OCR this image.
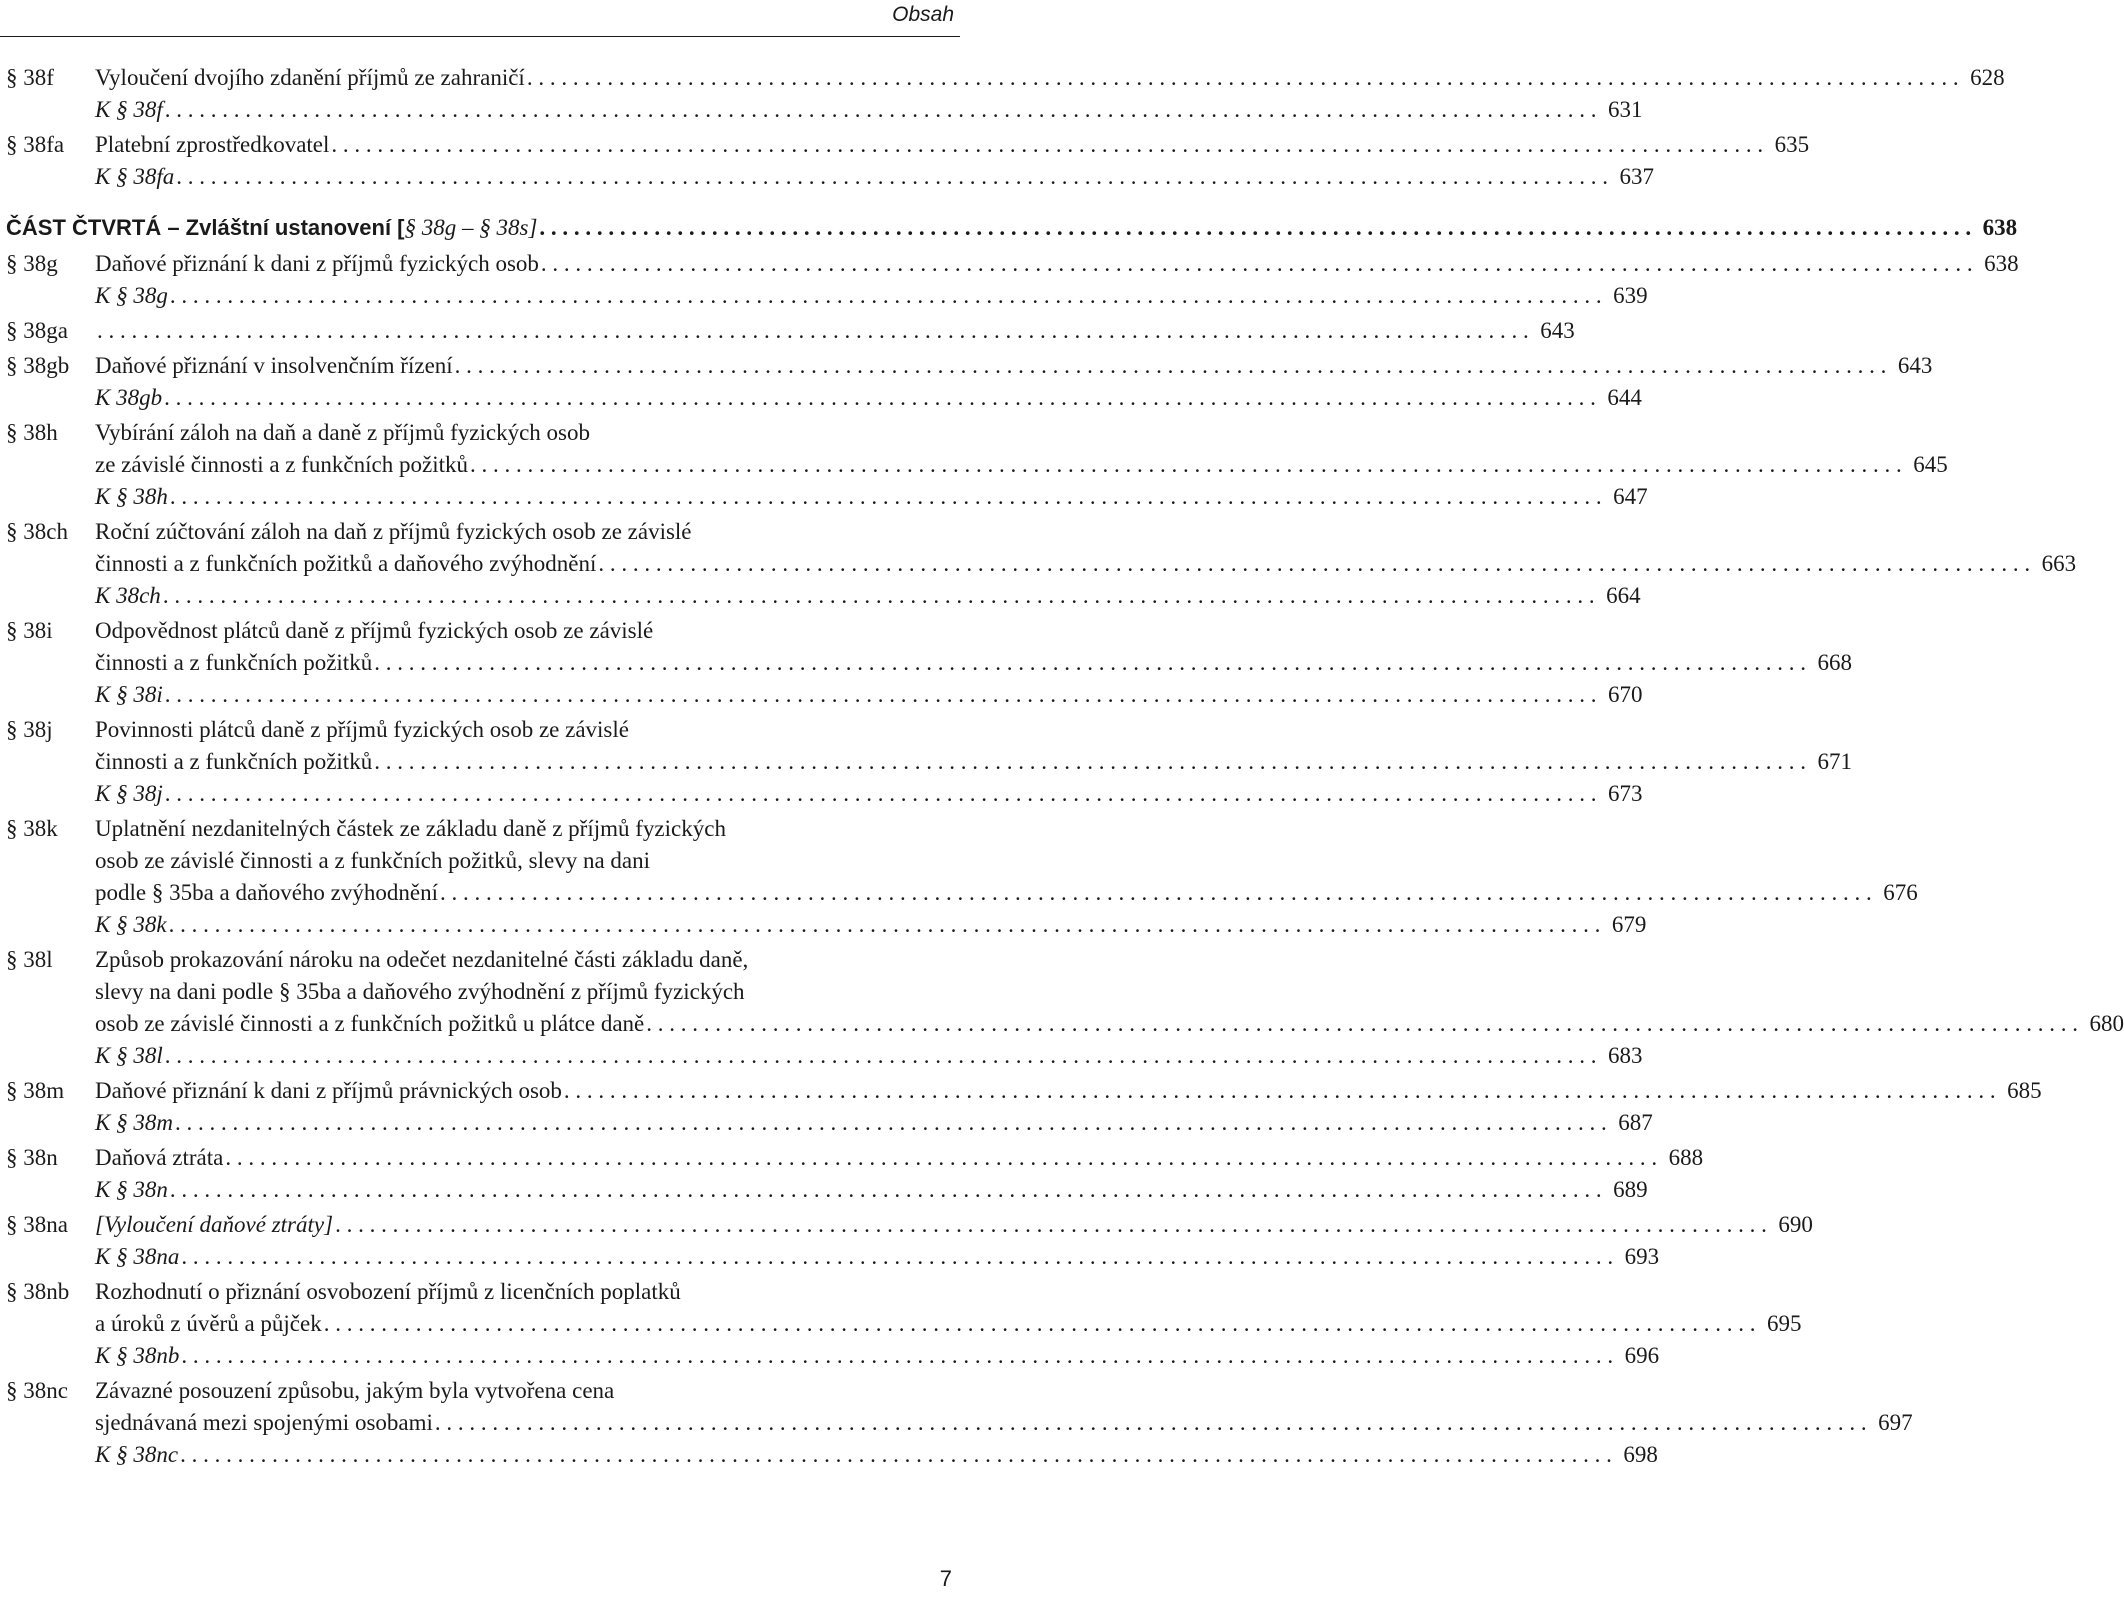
Obsah
§ 38f	Vyloučení dvojího zdanění příjmů ze zahraničí . . .	628
K § 38f . . .	631
§ 38fa	Platební zprostředkovatel . . .	635
K § 38fa . . .	637
ČÁST ČTVRTÁ – Zvláštní ustanovení [§ 38g – § 38s] . . .	638
§ 38g	Daňové přiznání k dani z příjmů fyzických osob . . .	638
K § 38g . . .	639
§ 38ga . . .	643
§ 38gb	Daňové přiznání v insolvenčním řízení . . .	643
K 38gb . . .	644
§ 38h	Vybírání záloh na daň a daně z příjmů fyzických osob
ze závislé činnosti a z funkčních požitků . . .	645
K § 38h . . .	647
§ 38ch	Roční zúčtování záloh na daň z příjmů fyzických osob ze závislé
činnosti a z funkčních požitků a daňového zvýhodnění . . .	663
K 38ch . . .	664
§ 38i	Odpovědnost plátců daně z příjmů fyzických osob ze závislé
činnosti a z funkčních požitků . . .	668
K § 38i . . .	670
§ 38j	Povinnosti plátců daně z příjmů fyzických osob ze závislé
činnosti a z funkčních požitků . . .	671
K § 38j . . .	673
§ 38k	Uplatnění nezdanitelných částek ze základu daně z příjmů fyzických
osob ze závislé činnosti a z funkčních požitků, slevy na dani
podle § 35ba a daňového zvýhodnění . . .	676
K § 38k . . .	679
§ 38l	Způsob prokazování nároku na odečet nezdanitelné části základu daně,
slevy na dani podle § 35ba a daňového zvýhodnění z příjmů fyzických
osob ze závislé činnosti a z funkčních požitků u plátce daně . . .	680
K § 38l . . .	683
§ 38m	Daňové přiznání k dani z příjmů právnických osob . . .	685
K § 38m . . .	687
§ 38n	Daňová ztráta . . .	688
K § 38n . . .	689
§ 38na	[Vyloučení daňové ztráty] . . .	690
K § 38na . . .	693
§ 38nb	Rozhodnutí o přiznání osvobození příjmů z licenčních poplatků
a úroků z úvěrů a půjček . . .	695
K § 38nb . . .	696
§ 38nc	Závazné posouzení způsobu, jakým byla vytvořena cena
sjednávaná mezi spojenými osobami . . .	697
K § 38nc . . .	698
7
